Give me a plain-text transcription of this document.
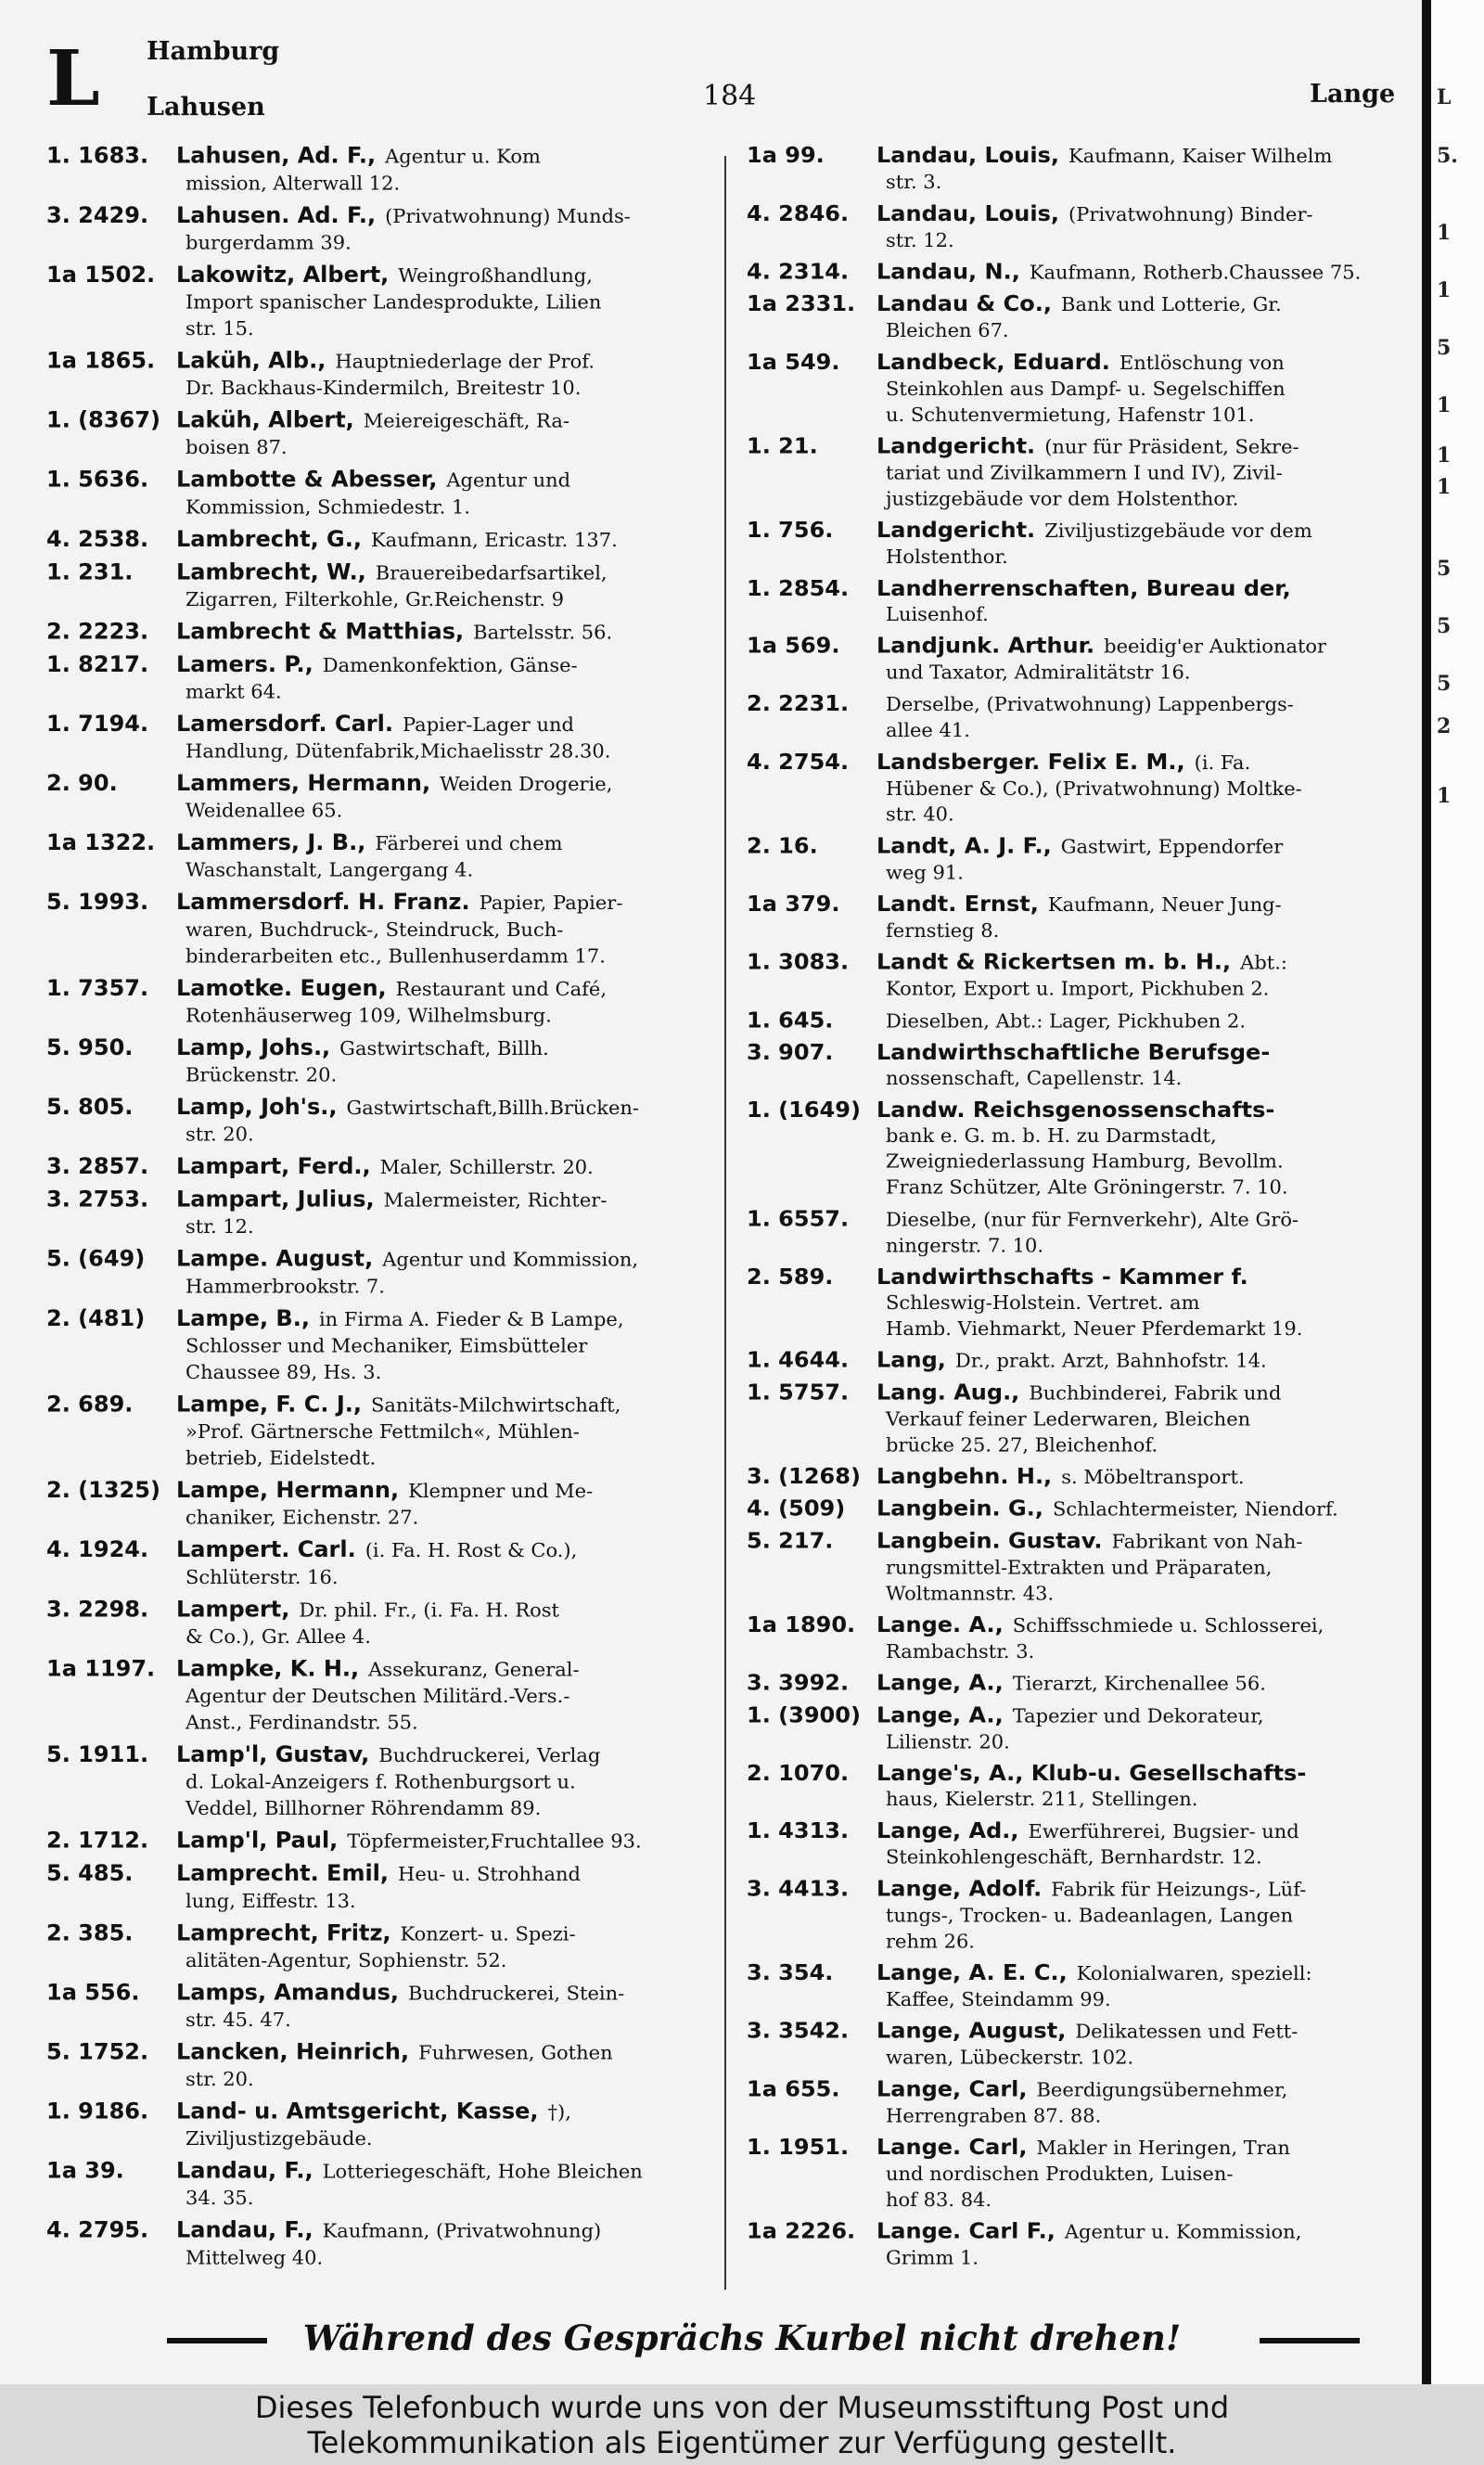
L Hamburg
Lahusen	184	Lange
1. 1683.	Lahusen, Ad. F., Agentur u. Kom
mission, Alterwall 12.
3. 2429.	Lahusen. Ad. F., (Privatwohnung) Munds-
burgerdamm 39.
1a 1502. Lakowitz, Albert, Weingroßhandlung,
Import spanischer Landesprodukte, Lilien
str. 15.
1a 1865. Laküh, Alb., Hauptniederlage der Prof.
Dr. Backhaus-Kindermilch, Breitestr 10.
1. (8367) Laküh, Albert, Meiereigeschäft, Ra-
boisen 87.
1. 5636.	Lambotte & Abesser, Agentur und
Kommission, Schmiedestr. 1.
4. 2538.	Lambrecht, G., Kaufmann, Ericastr. 137.
1. 231.	Lambrecht, W., Brauereibedarfsartikel,
Zigarren, Filterkohle, Gr.Reichenstr. 9
2. 2223.	Lambrecht & Matthias, Bartelsstr. 56.
1. 8217.	Lamers. P., Damenkonfektion, Gänse-
markt 64.
1. 7194.	Lamersdorf. Carl. Papier-Lager und
Handlung, Dütenfabrik,Michaelisstr 28.30.
2. 90.	Lammers, Hermann, Weiden Drogerie,
Weidenallee 65.
1a 1322. Lammers, J. B., Färberei und chem
Waschanstalt, Langergang 4.
5. 1993.	Lammersdorf. H. Franz. Papier, Papier-
waren, Buchdruck-, Steindruck, Buch-
binderarbeiten etc., Bullenhuserdamm 17.
1. 7357.	Lamotke. Eugen, Restaurant und Café,
Rotenhäuserweg 109, Wilhelmsburg.
5. 950.	Lamp, Johs., Gastwirtschaft, Billh.
Brückenstr. 20.
5. 805.	Lamp, Joh's., Gastwirtschaft,Billh.Brücken-
str. 20.
3. 2857.	Lampart, Ferd., Maler, Schillerstr. 20.
3. 2753.	Lampart, Julius, Malermeister, Richter-
str. 12.
5. (649)	Lampe. August, Agentur und Kommission,
Hammerbrookstr. 7.
2. (481)	Lampe, B., in Firma A. Fieder & B Lampe,
Schlosser und Mechaniker, Eimsbütteler
Chaussee 89, Hs. 3.
2. 689.	Lampe, F. C. J., Sanitäts-Milchwirtschaft,
»Prof. Gärtnersche Fettmilch«, Mühlen-
betrieb, Eidelstedt.
2. (1325) Lampe, Hermann, Klempner und Me-
chaniker, Eichenstr. 27.
4. 1924.	Lampert. Carl. (i. Fa. H. Rost & Co.),
Schlüterstr. 16.
3. 2298.	Lampert, Dr. phil. Fr., (i. Fa. H. Rost
& Co.), Gr. Allee 4.
1a 1197. Lampke, K. H., Assekuranz, General-
Agentur der Deutschen Militärd.-Vers.-
Anst., Ferdinandstr. 55.
5. 1911.	Lamp'l, Gustav, Buchdruckerei, Verlag
d. Lokal-Anzeigers f. Rothenburgsort u.
Veddel, Billhorner Röhrendamm 89.
2. 1712.	Lamp'l, Paul, Töpfermeister,Fruchtallee 93.
5. 485.	Lamprecht. Emil, Heu- u. Strohhand
lung, Eiffestr. 13.
2. 385.	Lamprecht, Fritz, Konzert- u. Spezi-
alitäten-Agentur, Sophienstr. 52.
1a 556.	Lamps, Amandus, Buchdruckerei, Stein-
str. 45. 47.
5. 1752.	Lancken, Heinrich, Fuhrwesen, Gothen
str. 20.
1. 9186.	Land- u. Amtsgericht, Kasse, †),
Ziviljustizgebäude.
1a 39.	Landau, F., Lotteriegeschäft, Hohe Bleichen
34. 35.
4. 2795.	Landau, F., Kaufmann, (Privatwohnung)
Mittelweg 40.
1a 99.	Landau, Louis, Kaufmann, Kaiser Wilhelm
str. 3.
4. 2846.	Landau, Louis, (Privatwohnung) Binder-
str. 12.
4. 2314.	Landau, N., Kaufmann, Rotherb.Chaussee 75.
1a 2331. Landau & Co., Bank und Lotterie, Gr.
Bleichen 67.
1a 549.	Landbeck, Eduard. Entlöschung von
Steinkohlen aus Dampf- u. Segelschiffen
u. Schutenvermietung, Hafenstr 101.
1. 21.	Landgericht. (nur für Präsident, Sekre-
tariat und Zivilkammern I und IV), Zivil-
justizgebäude vor dem Holstenthor.
1. 756.	Landgericht. Ziviljustizgebäude vor dem
Holstenthor.
1. 2854.	Landherrenschaften, Bureau der,
Luisenhof.
1a 569.	Landjunk. Arthur. beeidig'er Auktionator
und Taxator, Admiralitätstr 16.
2. 2231.	Derselbe, (Privatwohnung) Lappenbergs-
allee 41.
4. 2754.	Landsberger. Felix E. M., (i. Fa.
Hübener & Co.), (Privatwohnung) Moltke-
str. 40.
2. 16.	Landt, A. J. F., Gastwirt, Eppendorfer
weg 91.
1a 379.	Landt. Ernst, Kaufmann, Neuer Jung-
fernstieg 8.
1. 3083.	Landt & Rickertsen m. b. H., Abt.:
Kontor, Export u. Import, Pickhuben 2.
1. 645.	Dieselben, Abt.: Lager, Pickhuben 2.
3. 907.	Landwirthschaftliche Berufsge-
nossenschaft, Capellenstr. 14.
1. (1649) Landw. Reichsgenossenschafts-
bank e. G. m. b. H. zu Darmstadt,
Zweigniederlassung Hamburg, Bevollm.
Franz Schützer, Alte Gröningerstr. 7. 10.
1. 6557.	Dieselbe, (nur für Fernverkehr), Alte Grö-
ningerstr. 7. 10.
2. 589.	Landwirthschafts - Kammer f.
Schleswig-Holstein. Vertret. am
Hamb. Viehmarkt, Neuer Pferdemarkt 19.
1. 4644.	Lang, Dr., prakt. Arzt, Bahnhofstr. 14.
1. 5757.	Lang. Aug., Buchbinderei, Fabrik und
Verkauf feiner Lederwaren, Bleichen
brücke 25. 27, Bleichenhof.
3. (1268) Langbehn. H., s. Möbeltransport.
4. (509)	Langbein. G., Schlachtermeister, Niendorf.
5. 217.	Langbein. Gustav. Fabrikant von Nah-
rungsmittel-Extrakten und Präparaten,
Woltmannstr. 43.
1a 1890. Lange. A., Schiffsschmiede u. Schlosserei,
Rambachstr. 3.
3. 3992.	Lange, A., Tierarzt, Kirchenallee 56.
1. (3900) Lange, A., Tapezier und Dekorateur,
Lilienstr. 20.
2. 1070.	Lange's, A., Klub-u. Gesellschafts-
haus, Kielerstr. 211, Stellingen.
1. 4313.	Lange, Ad., Ewerführerei, Bugsier- und
Steinkohlengeschäft, Bernhardstr. 12.
3. 4413.	Lange, Adolf. Fabrik für Heizungs-, Lüf-
tungs-, Trocken- u. Badeanlagen, Langen
rehm 26.
3. 354.	Lange, A. E. C., Kolonialwaren, speziell:
Kaffee, Steindamm 99.
3. 3542.	Lange, August, Delikatessen und Fett-
waren, Lübeckerstr. 102.
1a 655.	Lange, Carl, Beerdigungsübernehmer,
Herrengraben 87. 88.
1. 1951.	Lange. Carl, Makler in Heringen, Tran
und nordischen Produkten, Luisen-
hof 83. 84.
1a 2226. Lange. Carl F., Agentur u. Kommission,
Grimm 1.
Während des Gesprächs Kurbel nicht drehen!
L
5.
1
1
5
1
1
1
5
5
5
2
1
Dieses Telefonbuch wurde uns von der Museumsstiftung Post und
Telekommunikation als Eigentümer zur Verfügung gestellt.
